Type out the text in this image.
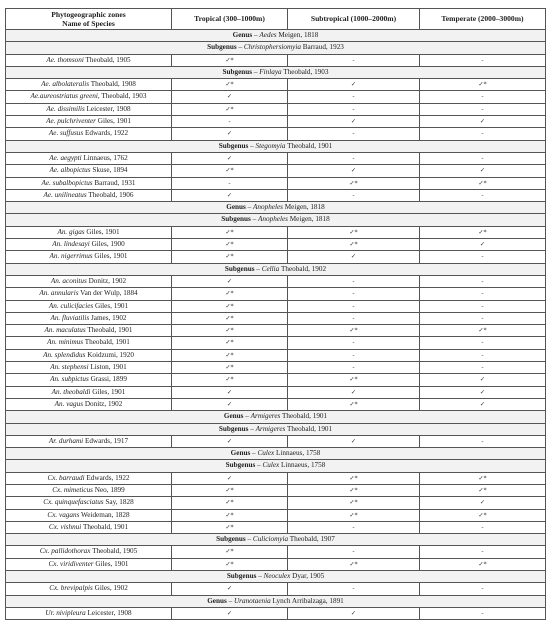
Phytogeographic zones
Name of Species	Tropical (300–1000m)	Subtropical (1000–2000m)	Temperate (2000–3000m)
Genus – Aedes Meigen, 1818			
Subgenus – Christophersiomyia Barraud, 1923			
Ae. thomsoni Theobald, 1905	✓*	-	-
Subgenus – Finlaya Theobald, 1903			
Ae. albolateralis Theobald, 1908	✓*	✓	✓*
Ae.aureostriatus greeni, Theobald, 1903	✓	-	-
Ae. dissimilis Leicester, 1908	✓*	-	-
Ae. pulchriventer Giles, 1901	-	✓	✓
Ae. suffusus Edwards, 1922	✓	-	-
Subgenus – Stegomyia Theobald, 1901			
Ae. aegypti Linnaeus, 1762	✓	-	-
Ae. albopictus Skuse, 1894	✓*	✓	✓
Ae. subalbopictus Barraud, 1931	-	✓*	✓*
Ae. unilineatus Theobald, 1906	✓	-	-
Genus – Anopheles Meigen, 1818			
Subgenus – Anopheles Meigen, 1818			
An. gigas Giles, 1901	✓*	✓*	✓*
An. lindesayi Giles, 1900	✓*	✓*	✓
An. nigerrimus Giles, 1901	✓*	✓	-
Subgenus – Cellia Theobald, 1902			
An. aconitus Donitz, 1902	✓	-	-
An. annularis Van der Wulp, 1884	✓*	-	-
An. culicifacies Giles, 1901	✓*	-	-
An. fluviatilis James, 1902	✓*	-	-
An. maculatus Theobald, 1901	✓*	✓*	✓*
An. minimus Theobald, 1901	✓*	-	-
An. splendidus Koidzumi, 1920	✓*	-	-
An. stephensi Liston, 1901	✓*	-	-
An. subpictus Grassi, 1899	✓*	✓*	✓
An. theobaldi Giles, 1901	✓	✓	✓
An. vagus Donitz, 1902	✓	✓*	✓
Genus – Armigeres Theobald, 1901			
Subgenus – Armigeres Theobald, 1901			
Ar. durhami Edwards, 1917	✓	✓	-
Genus – Culex Linnaeus, 1758			
Subgenus – Culex Linnaeus, 1758			
Cx. barraudi Edwards, 1922	✓	✓*	✓*
Cx. mimeticus Neo, 1899	✓*	✓*	✓*
Cx. quinquefasciatus Say, 1828	✓*	✓*	✓
Cx. vagans Weideman, 1828	✓*	✓*	✓*
Cx. vishnui Theobald, 1901	✓*	-	-
Subgenus – Culiciomyia Theobald, 1907			
Cx. pallidothorax Theobald, 1905	✓*	-	-
Cx. viridiventer Giles, 1901	✓*	✓*	✓*
Subgenus – Neoculex Dyar, 1905			
Cx. brevipalpis Giles, 1902	✓	-	-
Genus – Uranotaenia Lynch Arribalzaga, 1891			
Ur. nivipleura Leicester, 1908	✓	✓	-
